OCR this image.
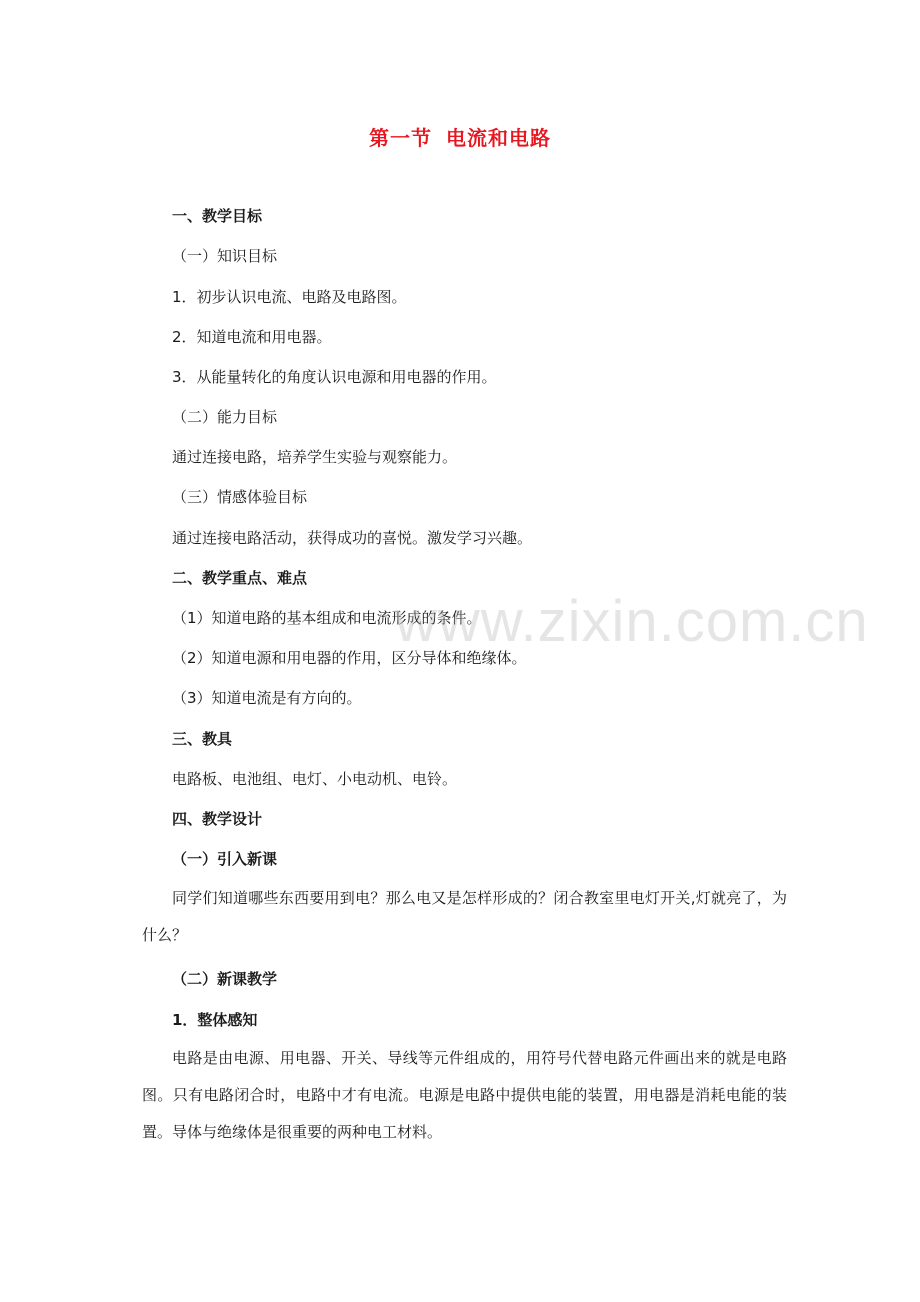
第一节 电流和电路
一、教学目标
（一）知识目标
1．初步认识电流、电路及电路图。
2．知道电流和用电器。
3．从能量转化的角度认识电源和用电器的作用。
（二）能力目标
通过连接电路，培养学生实验与观察能力。
（三）情感体验目标
通过连接电路活动，获得成功的喜悦。激发学习兴趣。
二、教学重点、难点
（1）知道电路的基本组成和电流形成的条件。
（2）知道电源和用电器的作用，区分导体和绝缘体。
（3）知道电流是有方向的。
三、教具
电路板、电池组、电灯、小电动机、电铃。
四、教学设计
（一）引入新课
同学们知道哪些东西要用到电？那么电又是怎样形成的？闭合教室里电灯开关,灯就亮了，为什么？
（二）新课教学
1．整体感知
电路是由电源、用电器、开关、导线等元件组成的，用符号代替电路元件画出来的就是电路图。只有电路闭合时，电路中才有电流。电源是电路中提供电能的装置，用电器是消耗电能的装置。导体与绝缘体是很重要的两种电工材料。
www.zixin.com.cn
